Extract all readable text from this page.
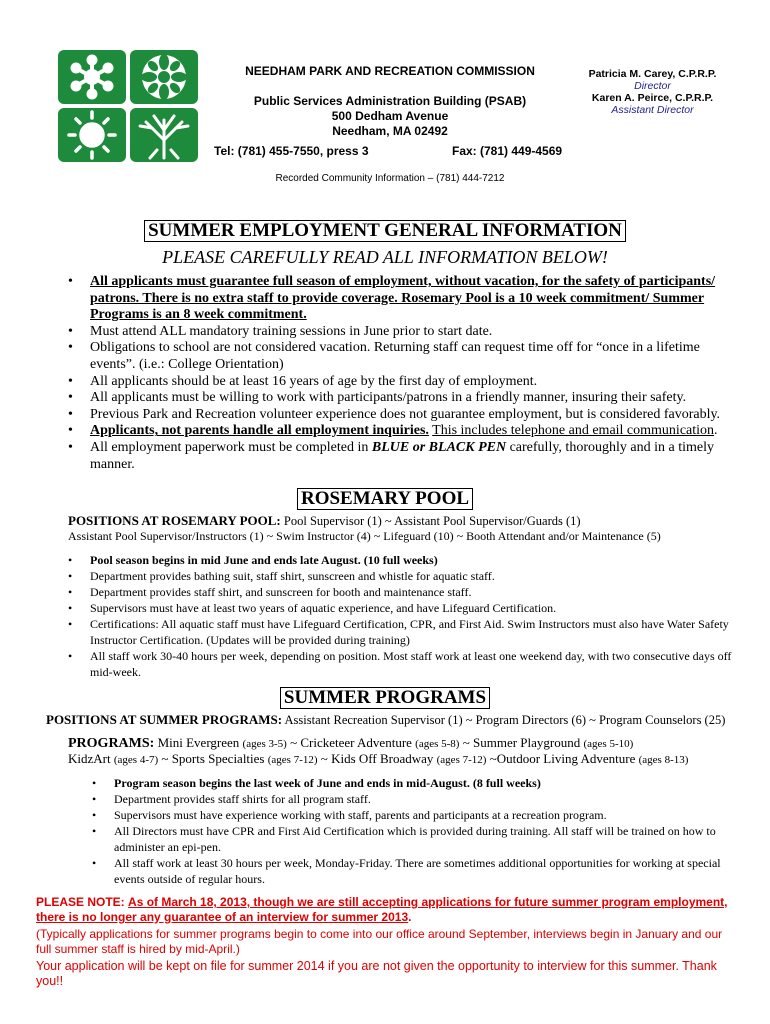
NEEDHAM PARK AND RECREATION COMMISSION
Public Services Administration Building (PSAB)
500 Dedham Avenue
Needham, MA 02492
Tel: (781) 455-7550, press 3	Fax: (781) 449-4569
Recorded Community Information – (781) 444-7212
Patricia M. Carey, C.P.R.P.
Director
Karen A. Peirce, C.P.R.P.
Assistant Director
SUMMER EMPLOYMENT GENERAL INFORMATION
PLEASE CAREFULLY READ ALL INFORMATION BELOW!
• All applicants must guarantee full season of employment, without vacation, for the safety of participants/ patrons. There is no extra staff to provide coverage. Rosemary Pool is a 10 week commitment/ Summer Programs is an 8 week commitment.
• Must attend ALL mandatory training sessions in June prior to start date.
• Obligations to school are not considered vacation. Returning staff can request time off for “once in a lifetime events”. (i.e.: College Orientation)
• All applicants should be at least 16 years of age by the first day of employment.
• All applicants must be willing to work with participants/patrons in a friendly manner, insuring their safety.
• Previous Park and Recreation volunteer experience does not guarantee employment, but is considered favorably.
• Applicants, not parents handle all employment inquiries. This includes telephone and email communication.
• All employment paperwork must be completed in BLUE or BLACK PEN carefully, thoroughly and in a timely manner.
ROSEMARY POOL
POSITIONS AT ROSEMARY POOL: Pool Supervisor (1) ~ Assistant Pool Supervisor/Guards (1)
Assistant Pool Supervisor/Instructors (1) ~ Swim Instructor (4) ~ Lifeguard (10) ~ Booth Attendant and/or Maintenance (5)
• Pool season begins in mid June and ends late August. (10 full weeks)
• Department provides bathing suit, staff shirt, sunscreen and whistle for aquatic staff.
• Department provides staff shirt, and sunscreen for booth and maintenance staff.
• Supervisors must have at least two years of aquatic experience, and have Lifeguard Certification.
• Certifications: All aquatic staff must have Lifeguard Certification, CPR, and First Aid. Swim Instructors must also have Water Safety Instructor Certification. (Updates will be provided during training)
• All staff work 30-40 hours per week, depending on position. Most staff work at least one weekend day, with two consecutive days off mid-week.
SUMMER PROGRAMS
POSITIONS AT SUMMER PROGRAMS: Assistant Recreation Supervisor (1) ~ Program Directors (6) ~ Program Counselors (25)
PROGRAMS: Mini Evergreen (ages 3-5) ~ Cricketeer Adventure (ages 5-8) ~ Summer Playground (ages 5-10)
KidzArt (ages 4-7) ~ Sports Specialties (ages 7-12) ~ Kids Off Broadway (ages 7-12) ~Outdoor Living Adventure (ages 8-13)
• Program season begins the last week of June and ends in mid-August. (8 full weeks)
• Department provides staff shirts for all program staff.
• Supervisors must have experience working with staff, parents and participants at a recreation program.
• All Directors must have CPR and First Aid Certification which is provided during training. All staff will be trained on how to administer an epi-pen.
• All staff work at least 30 hours per week, Monday-Friday. There are sometimes additional opportunities for working at special events outside of regular hours.
PLEASE NOTE: As of March 18, 2013, though we are still accepting applications for future summer program employment, there is no longer any guarantee of an interview for summer 2013.
(Typically applications for summer programs begin to come into our office around September, interviews begin in January and our full summer staff is hired by mid-April.)
Your application will be kept on file for summer 2014 if you are not given the opportunity to interview for this summer. Thank you!!
